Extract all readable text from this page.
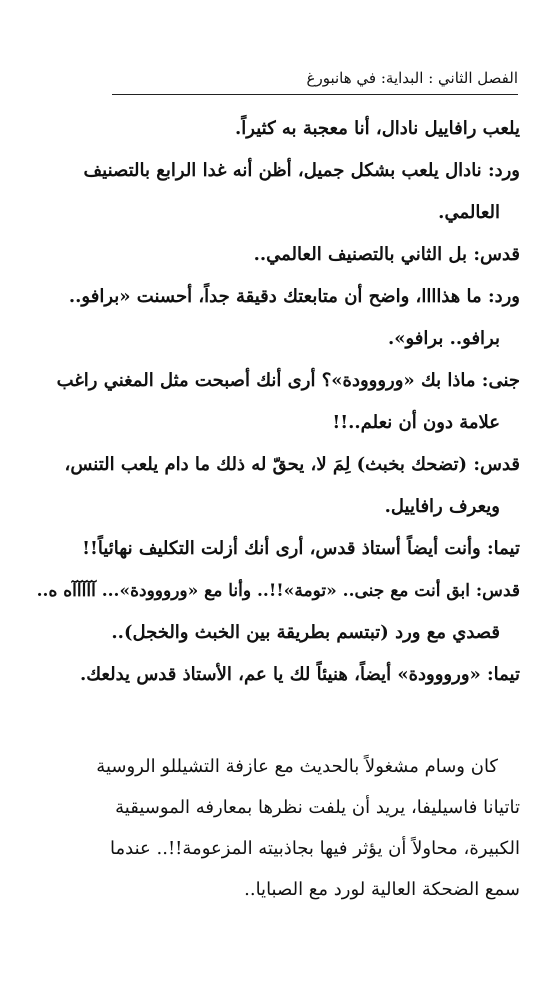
الفصل الثاني : البداية: في هانبورغ
يلعب رافاييل نادال، أنا معجبة به كثيراً.
ورد: نادال يلعب بشكل جميل، أظن أنه غدا الرابع بالتصنيف
العالمي.
قدس: بل الثاني بالتصنيف العالمي..
ورد: ما هذاااا، واضح أن متابعتك دقيقة جداً، أحسنت «برافو..
برافو.. برافو».
جنى: ماذا بك «ورووودة»؟ أرى أنك أصبحت مثل المغني راغب
علامة دون أن نعلم..!!
قدس: (تضحك بخبث) لِمَ لا، يحقّ له ذلك ما دام يلعب التنس،
ويعرف رافاييل.
تيما: وأنت أيضاً أستاذ قدس، أرى أنك أزلت التكليف نهائياً!!
قدس: ابق أنت مع جنى.. «تومة»!!.. وأنا مع «ورووودة»... آآآآآه ه..
قصدي مع ورد (تبتسم بطريقة بين الخبث والخجل)..
تيما: «ورووودة» أيضاً، هنيئاً لك يا عم، الأستاذ قدس يدلعك.
كان وسام مشغولاً بالحديث مع عازفة التشيللو الروسية
تاتيانا فاسيليفا، يريد أن يلفت نظرها بمعارفه الموسيقية
الكبيرة، محاولاً أن يؤثر فيها بجاذبيته المزعومة!!.. عندما
سمع الضحكة العالية لورد مع الصبايا..
